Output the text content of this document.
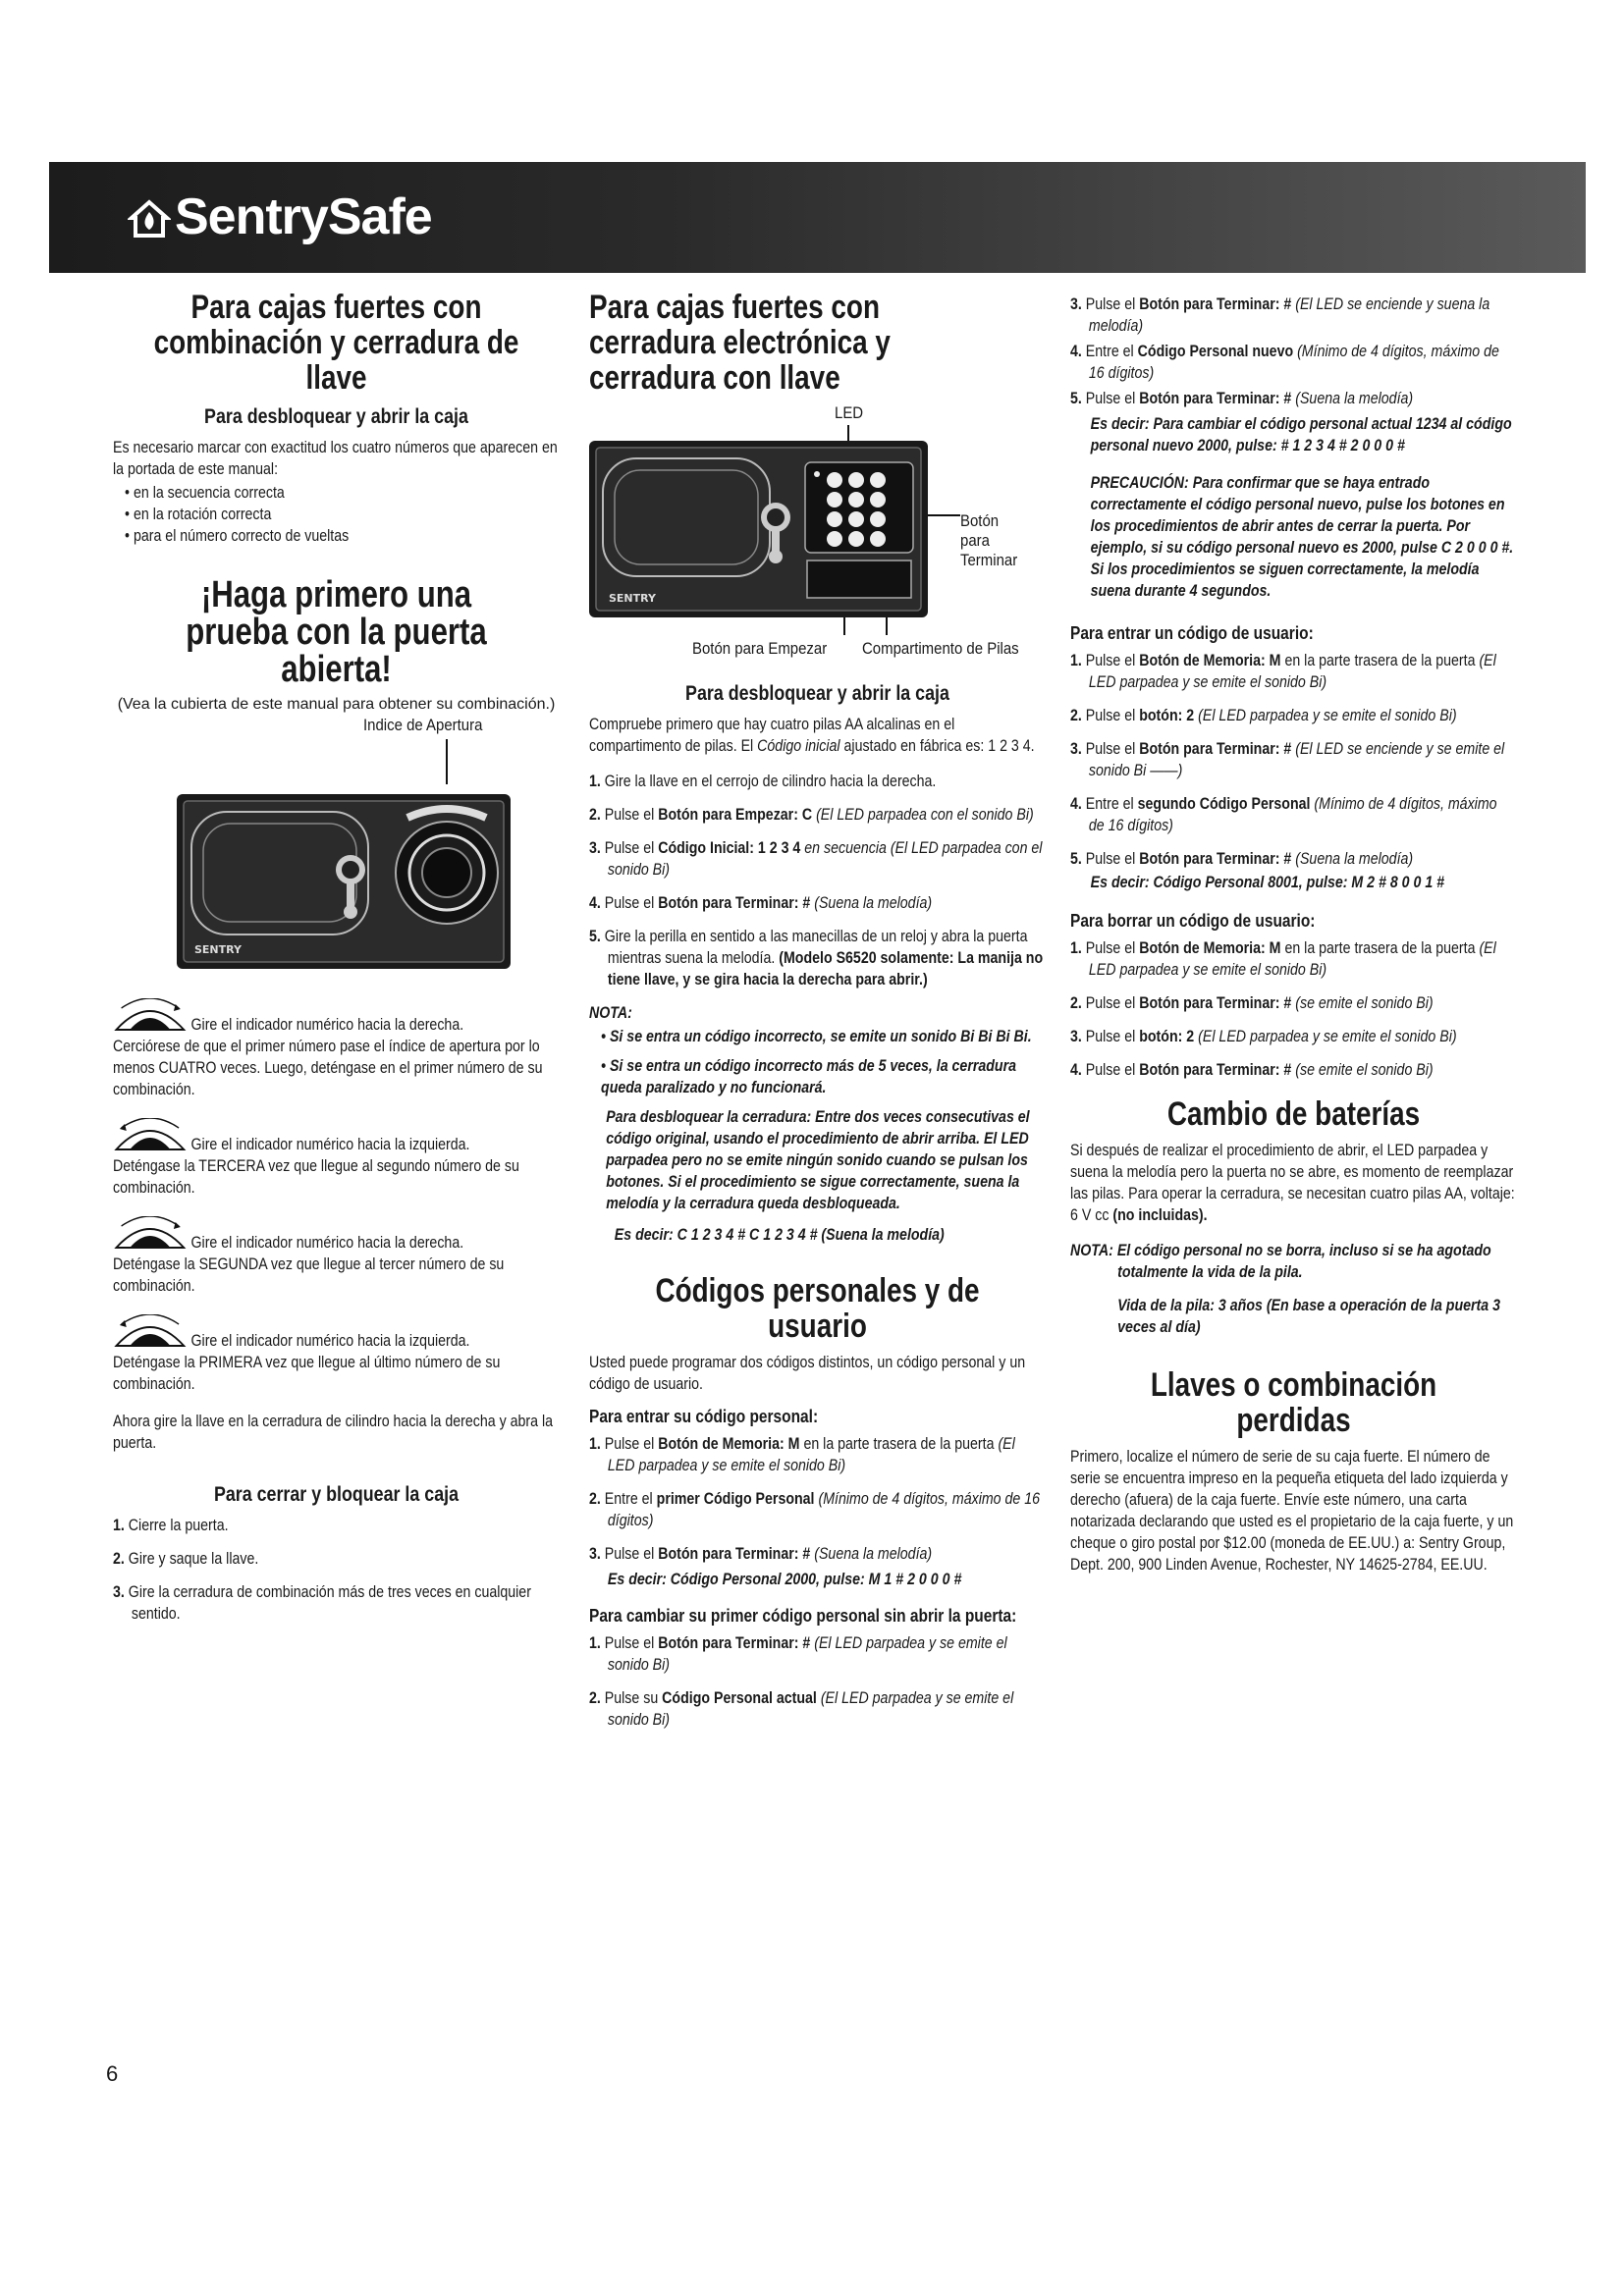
SentrySafe
Para cajas fuertes con combinación y cerradura de llave
Para desbloquear y abrir la caja

Es necesario marcar con exactitud los cuatro números que aparecen en la portada de este manual:

• en la secuencia correcta
• en la rotación correcta
• para el número correcto de vueltas
¡Haga primero una prueba con la puerta abierta!

(Vea la cubierta de este manual para obtener su combinación.)

Indice de Apertura
SENTRY
Gire el indicador numérico hacia la derecha.

Cerciórese de que el primer número pase el índice de apertura por lo menos CUATRO veces. Luego, deténgase en el primer número de su combinación.

Gire el indicador numérico hacia la izquierda.

Deténgase la TERCERA vez que llegue al segundo número de su combinación.

Gire el indicador numérico hacia la derecha.

Deténgase la SEGUNDA vez que llegue al tercer número de su combinación.

Gire el indicador numérico hacia la izquierda.

Deténgase la PRIMERA vez que llegue al último número de su combinación.

Ahora gire la llave en la cerradura de cilindro hacia la derecha y abra la puerta.

Para cerrar y bloquear la caja
1. Cierre la puerta.
2. Gire y saque la llave.
3. Gire la cerradura de combinación más de tres veces en cualquier sentido.
Para cajas fuertes con cerradura electrónica y cerradura con llave
LED
Botón para Terminar
Botón para Empezar Compartimento de Pilas
SENTRY
Para desbloquear y abrir la caja

Compruebe primero que hay cuatro pilas AA alcalinas en el compartimento de pilas. El Código inicial ajustado en fábrica es: 1 2 3 4.

1. Gire la llave en el cerrojo de cilindro hacia la derecha.
2. Pulse el Botón para Empezar: C (El LED parpadea con el sonido Bi)
3. Pulse el Código Inicial: 1 2 3 4 en secuencia (El LED parpadea con el sonido Bi)
4. Pulse el Botón para Terminar: # (Suena la melodía)
5. Gire la perilla en sentido a las manecillas de un reloj y abra la puerta mientras suena la melodía. (Modelo S6520 solamente: La manija no tiene llave, y se gira hacia la derecha para abrir.)

NOTA:

• Si se entra un código incorrecto, se emite un sonido Bi Bi Bi Bi.
• Si se entra un código incorrecto más de 5 veces, la cerradura queda paralizado y no funcionará.

Para desbloquear la cerradura: Entre dos veces consecutivas el código original, usando el procedimiento de abrir arriba. El LED parpadea pero no se emite ningún sonido cuando se pulsan los botones. Si el procedimiento se sigue correctamente, suena la melodía y la cerradura queda desbloqueada.

Es decir: C 1 2 3 4 # C 1 2 3 4 # (Suena la melodía)

Códigos personales y de usuario

Usted puede programar dos códigos distintos, un código personal y un código de usuario.

Para entrar su código personal:
1. Pulse el Botón de Memoria: M en la parte trasera de la puerta (El LED parpadea y se emite el sonido Bi)
2. Entre el primer Código Personal (Mínimo de 4 dígitos, máximo de 16 dígitos)
3. Pulse el Botón para Terminar: # (Suena la melodía)

Es decir: Código Personal 2000, pulse: M 1 # 2 0 0 0 #

Para cambiar su primer código personal sin abrir la puerta:
1. Pulse el Botón para Terminar: # (El LED parpadea y se emite el sonido Bi)
2. Pulse su Código Personal actual (El LED parpadea y se emite el sonido Bi)
3. Pulse el Botón para Terminar: # (El LED se enciende y suena la melodía)
4. Entre el Código Personal nuevo (Mínimo de 4 dígitos, máximo de 16 dígitos)
5. Pulse el Botón para Terminar: # (Suena la melodía)

Es decir: Para cambiar el código personal actual 1234 al código personal nuevo 2000, pulse: # 1 2 3 4 # 2 0 0 0 #

PRECAUCIÓN: Para confirmar que se haya entrado correctamente el código personal nuevo, pulse los botones en los procedimientos de abrir antes de cerrar la puerta. Por ejemplo, si su código personal nuevo es 2000, pulse C 2 0 0 0 #. Si los procedimientos se siguen correctamente, la melodía suena durante 4 segundos.

Para entrar un código de usuario:
1. Pulse el Botón de Memoria: M en la parte trasera de la puerta (El LED parpadea y se emite el sonido Bi)
2. Pulse el botón: 2 (El LED parpadea y se emite el sonido Bi)
3. Pulse el Botón para Terminar: # (El LED se enciende y se emite el sonido Bi ——)
4. Entre el segundo Código Personal (Mínimo de 4 dígitos, máximo de 16 dígitos)
5. Pulse el Botón para Terminar: # (Suena la melodía)

Es decir: Código Personal 8001, pulse: M 2 # 8 0 0 1 #

Para borrar un código de usuario:
1. Pulse el Botón de Memoria: M en la parte trasera de la puerta (El LED parpadea y se emite el sonido Bi)
2. Pulse el Botón para Terminar: # (se emite el sonido Bi)
3. Pulse el botón: 2 (El LED parpadea y se emite el sonido Bi)
4. Pulse el Botón para Terminar: # (se emite el sonido Bi)
Cambio de baterías

Si después de realizar el procedimiento de abrir, el LED parpadea y suena la melodía pero la puerta no se abre, es momento de reemplazar las pilas. Para operar la cerradura, se necesitan cuatro pilas AA, voltaje: 6 V cc (no incluidas).

NOTA: El código personal no se borra, incluso si se ha agotado totalmente la vida de la pila.

Vida de la pila: 3 años (En base a operación de la puerta 3 veces al día)

Llaves o combinación perdidas

Primero, localize el número de serie de su caja fuerte. El número de serie se encuentra impreso en la pequeña etiqueta del lado izquierda y derecho (afuera) de la caja fuerte. Envíe este número, una carta notarizada declarando que usted es el propietario de la caja fuerte, y un cheque o giro postal por $12.00 (moneda de EE.UU.) a: Sentry Group, Dept. 200, 900 Linden Avenue, Rochester, NY 14625-2784, EE.UU.

6
